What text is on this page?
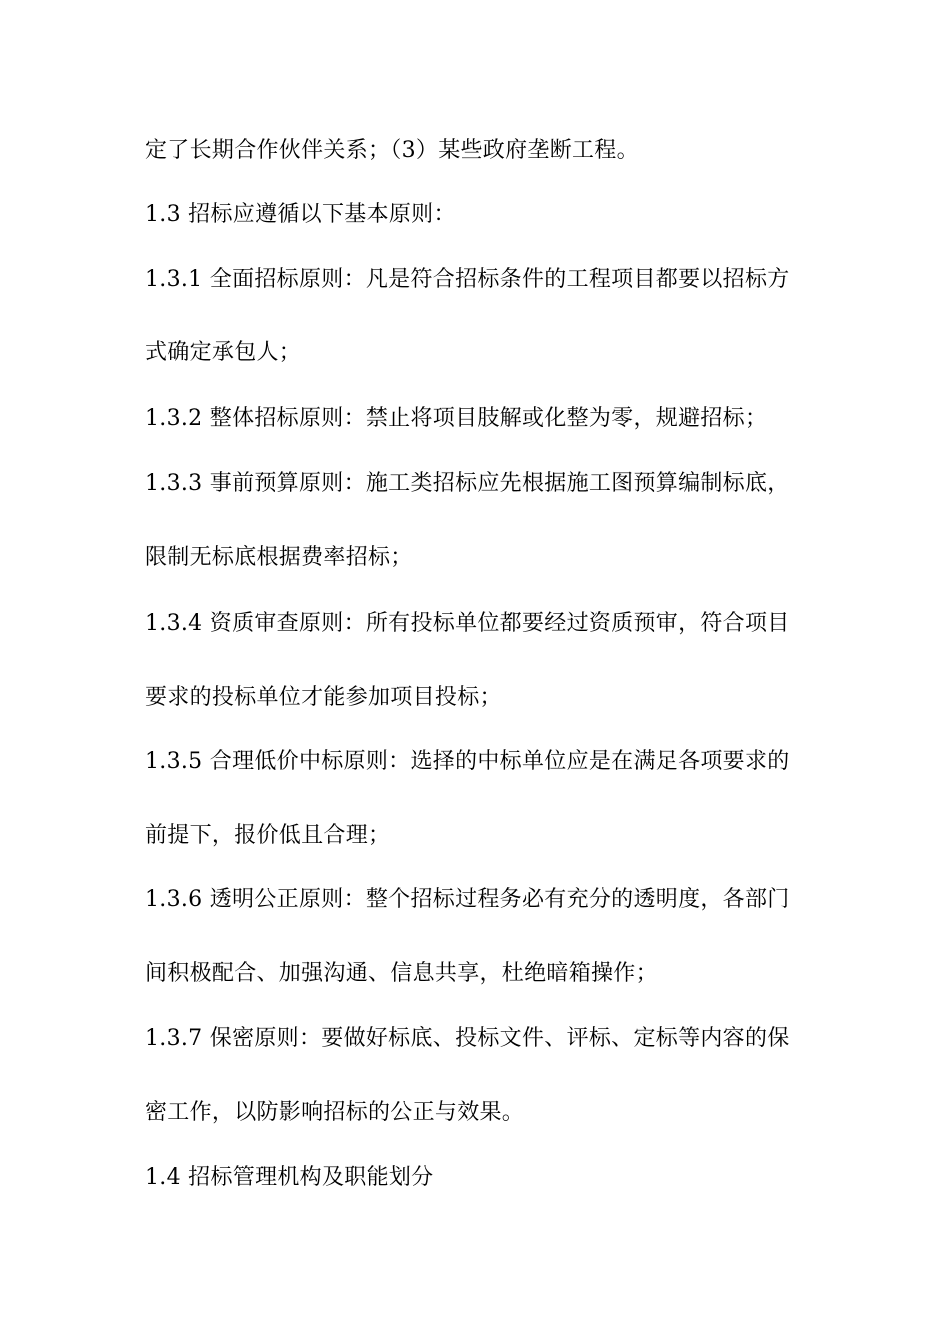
定了长期合作伙伴关系；（3）某些政府垄断工程。
1.3 招标应遵循以下基本原则：
1.3.1 全面招标原则：凡是符合招标条件的工程项目都要以招标方
式确定承包人；
1.3.2 整体招标原则：禁止将项目肢解或化整为零，规避招标；
1.3.3 事前预算原则：施工类招标应先根据施工图预算编制标底，
限制无标底根据费率招标；
1.3.4 资质审查原则：所有投标单位都要经过资质预审，符合项目
要求的投标单位才能参加项目投标；
1.3.5 合理低价中标原则：选择的中标单位应是在满足各项要求的
前提下，报价低且合理；
1.3.6 透明公正原则：整个招标过程务必有充分的透明度，各部门
间积极配合、加强沟通、信息共享，杜绝暗箱操作；
1.3.7 保密原则：要做好标底、投标文件、评标、定标等内容的保
密工作，以防影响招标的公正与效果。
1.4 招标管理机构及职能划分
